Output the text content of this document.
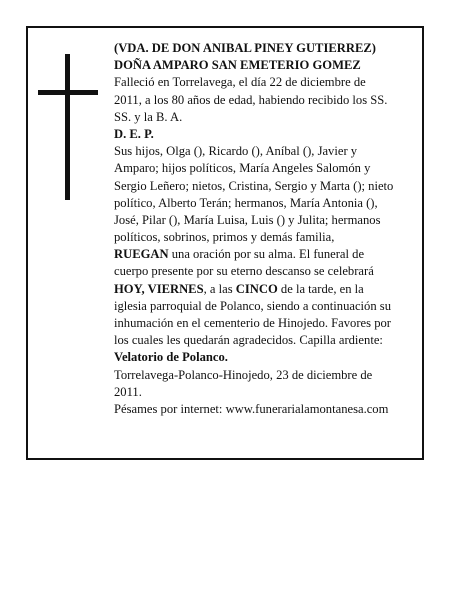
(VDA. DE DON ANIBAL PINEY GUTIERREZ)
DOÑA AMPARO SAN EMETERIO GOMEZ
Falleció en Torrelavega, el día 22 de diciembre de
2011, a los 80 años de edad, habiendo recibido los SS.
SS. y la B. A.
D. E. P.
Sus hijos, Olga (), Ricardo (), Aníbal (), Javier y
Amparo; hijos políticos, María Angeles Salomón y
Sergio Leñero; nietos, Cristina, Sergio y Marta (); nieto
político, Alberto Terán; hermanos, María Antonia (),
José, Pilar (), María Luisa, Luis () y Julita; hermanos
políticos, sobrinos, primos y demás familia,
RUEGAN una oración por su alma. El funeral de
cuerpo presente por su eterno descanso se celebrará
HOY, VIERNES, a las CINCO de la tarde, en la
iglesia parroquial de Polanco, siendo a continuación su
inhumación en el cementerio de Hinojedo. Favores por
los cuales les quedarán agradecidos. Capilla ardiente:
Velatorio de Polanco.
Torrelavega-Polanco-Hinojedo, 23 de diciembre de
2011.
Pésames por internet: www.funerarialamontanesa.com
